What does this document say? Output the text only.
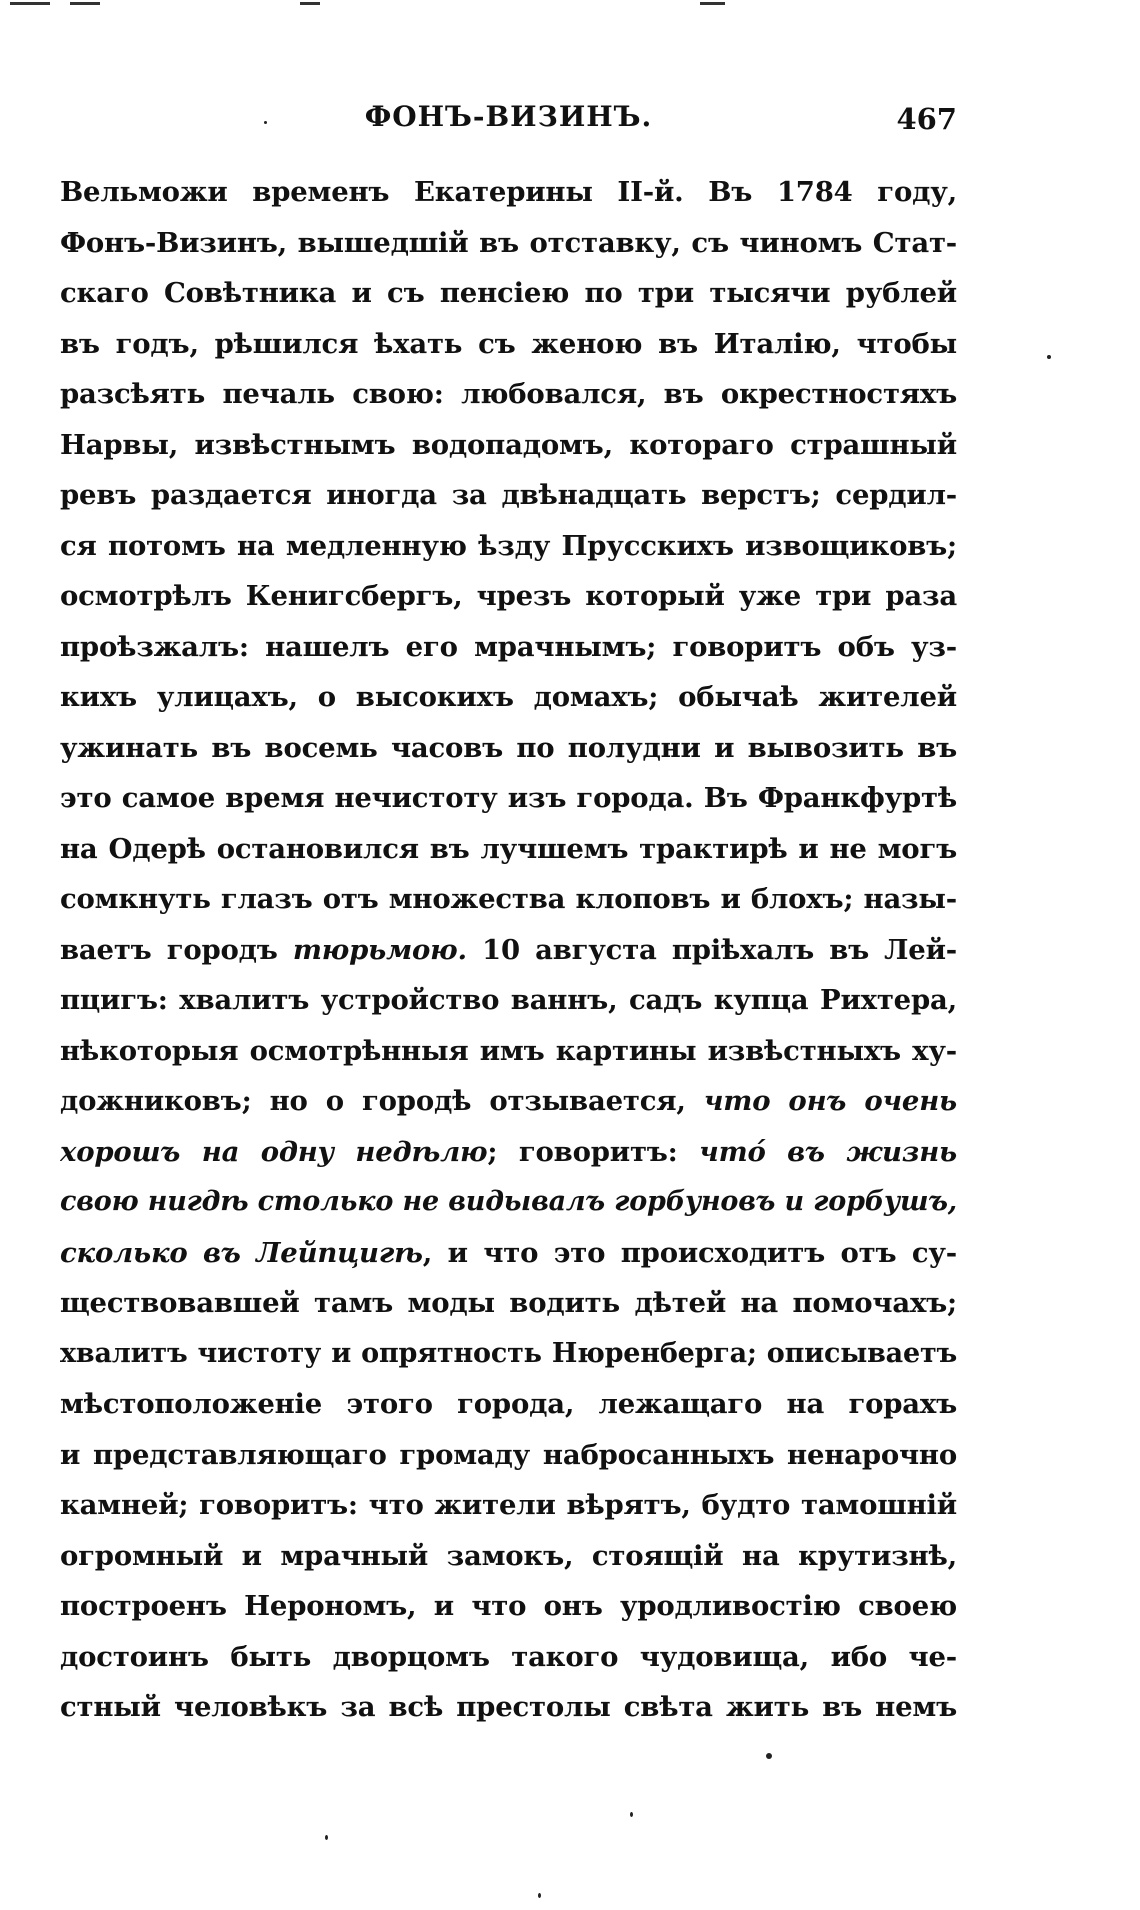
ФОНЪ-ВИЗИНЪ.	467
Вельможи временъ Екатерины II-й. Въ 1784 году,
Фонъ-Визинъ, вышедшій въ отставку, съ чиномъ Стат-
скаго Совѣтника и съ пенсіею по три тысячи рублей
въ годъ, рѣшился ѣхать съ женою въ Италію, чтобы
разсѣять печаль свою: любовался, въ окрестностяхъ
Нарвы, извѣстнымъ водопадомъ, котораго страшный
ревъ раздается иногда за двѣнадцать верстъ; сердил-
ся потомъ на медленную ѣзду Прусскихъ извощиковъ;
осмотрѣлъ Кенигсбергъ, чрезъ который уже три раза
проѣзжалъ: нашелъ его мрачнымъ; говоритъ объ уз-
кихъ улицахъ, о высокихъ домахъ; обычаѣ жителей
ужинать въ восемь часовъ по полудни и вывозить въ
это самое время нечистоту изъ города. Въ Франкфуртѣ
на Одерѣ остановился въ лучшемъ трактирѣ и не могъ
сомкнуть глазъ отъ множества клоповъ и блохъ; назы-
ваетъ городъ тюрьмою. 10 августа пріѣхалъ въ Лей-
пцигъ: хвалитъ устройство ваннъ, садъ купца Рихтера,
нѣкоторыя осмотрѣнныя имъ картины извѣстныхъ ху-
дожниковъ; но о городѣ отзывается, что онъ очень
хорошъ на одну недѣлю; говоритъ: что́ въ жизнь
свою нигдѣ столько не видывалъ горбуновъ и горбушъ,
сколько въ Лейпцигѣ, и что это происходитъ отъ су-
ществовавшей тамъ моды водить дѣтей на помочахъ;
хвалитъ чистоту и опрятность Нюренберга; описываетъ
мѣстоположеніе этого города, лежащаго на горахъ
и представляющаго громаду набросанныхъ ненарочно
камней; говоритъ: что жители вѣрятъ, будто тамошній
огромный и мрачный замокъ, стоящій на крутизнѣ,
построенъ Нерономъ, и что онъ уродливостію своею
достоинъ быть дворцомъ такого чудовища, ибо че-
стный человѣкъ за всѣ престолы свѣта жить въ немъ
